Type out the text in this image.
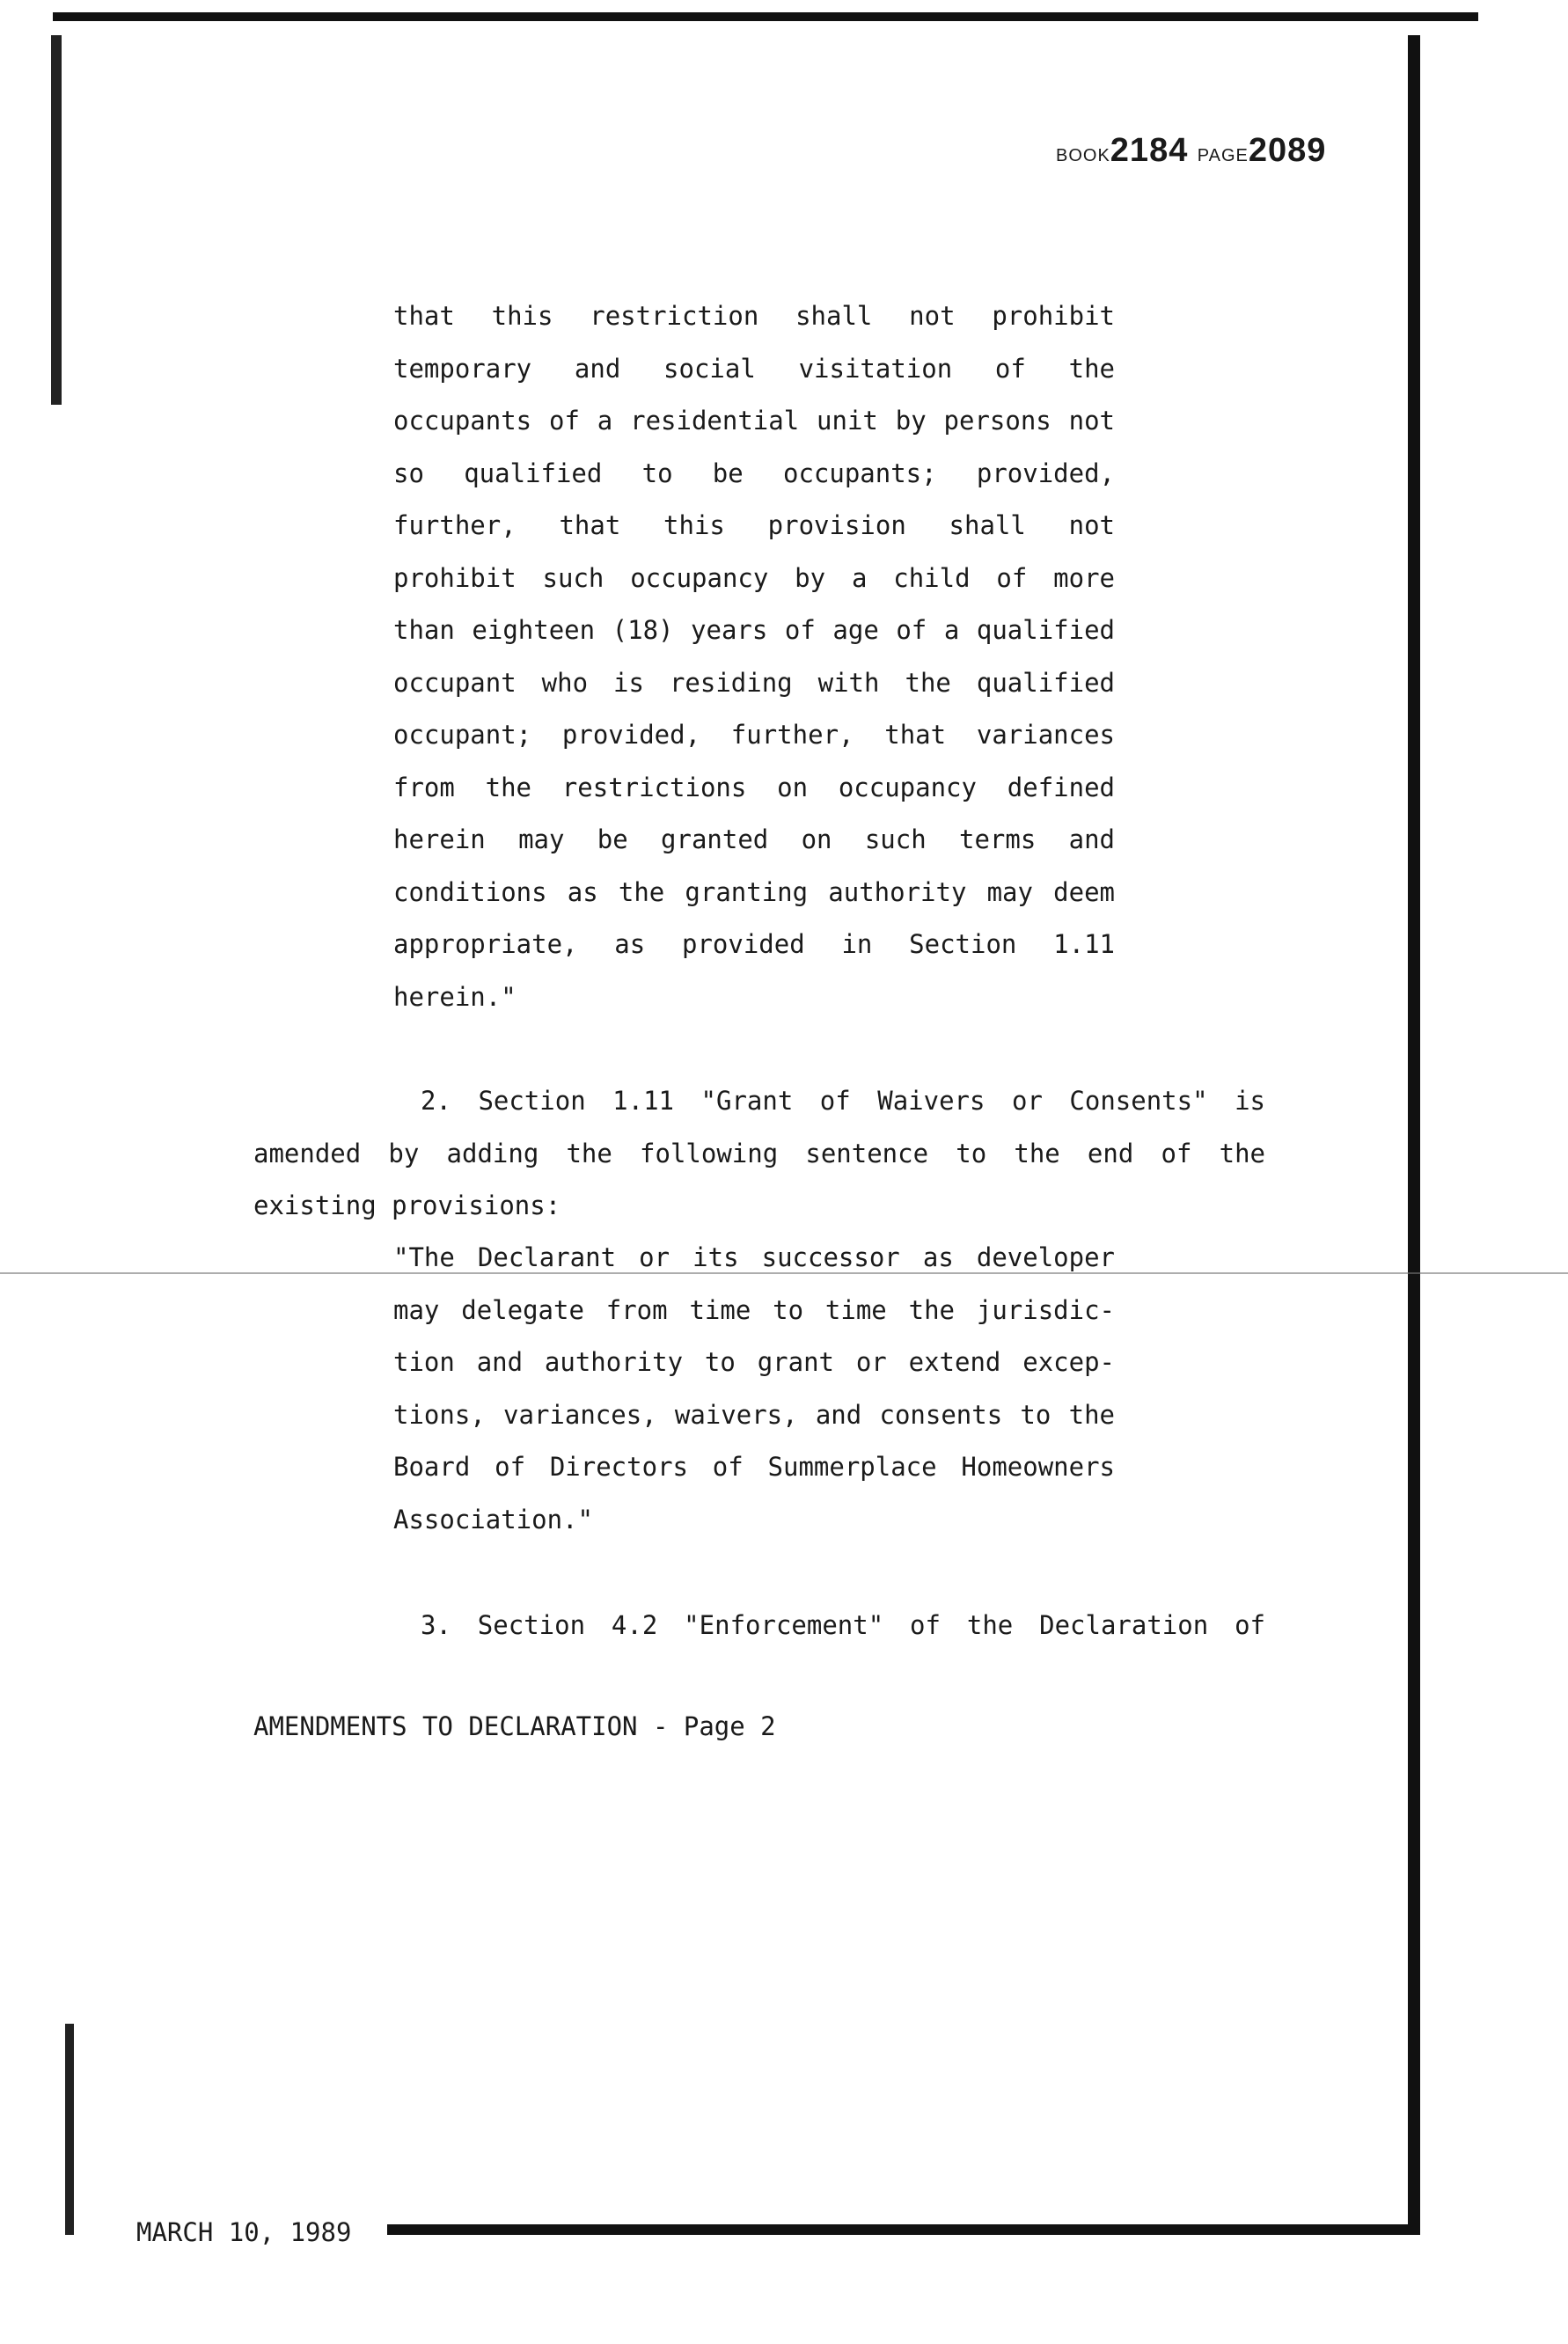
BOOK2184 PAGE2089
that this restriction shall not prohibit
temporary and social visitation of the
occupants of a residential unit by persons not
so qualified to be occupants; provided,
further, that this provision shall not
prohibit such occupancy by a child of more
than eighteen (18) years of age of a qualified
occupant who is residing with the qualified
occupant; provided, further, that variances
from the restrictions on occupancy defined
herein may be granted on such terms and
conditions as the granting authority may deem
appropriate, as provided in Section 1.11
herein."
2. Section 1.11 "Grant of Waivers or Consents" is
amended by adding the following sentence to the end of the
existing provisions:
"The Declarant or its successor as developer
may delegate from time to time the jurisdic-
tion and authority to grant or extend excep-
tions, variances, waivers, and consents to the
Board of Directors of Summerplace Homeowners
Association."
3. Section 4.2 "Enforcement" of the Declaration of
AMENDMENTS TO DECLARATION - Page 2
MARCH 10, 1989
